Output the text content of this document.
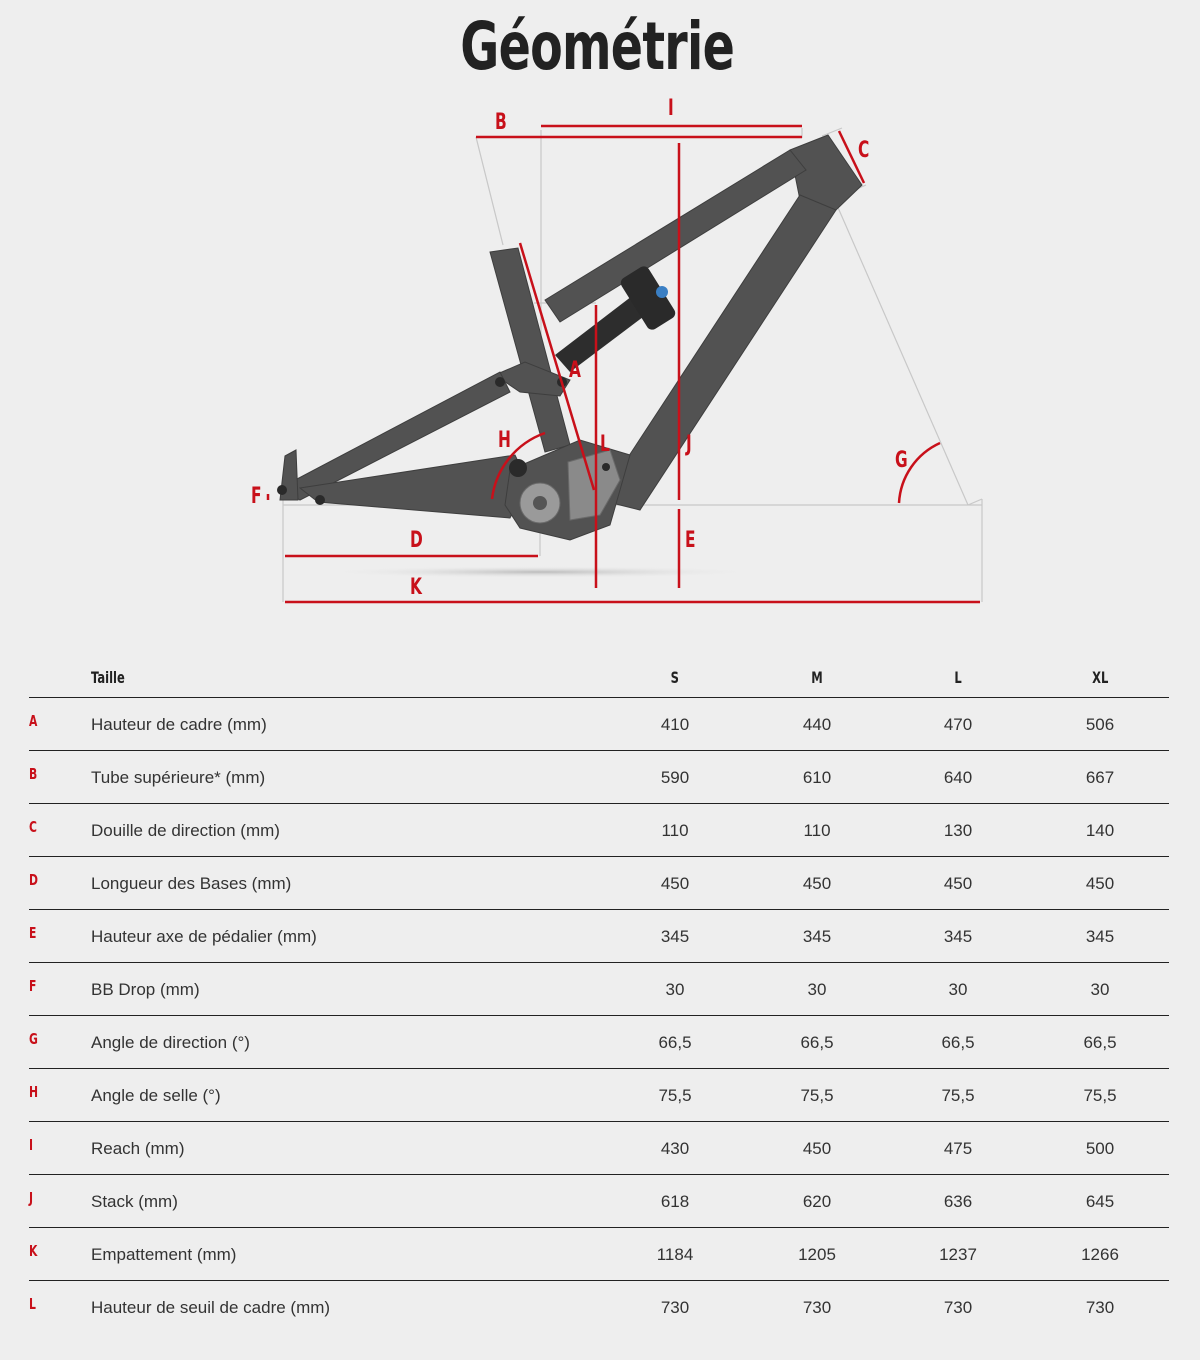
Géométrie
B
I
C
A
H	L	J
G
F
D	E
K
Taille	S	M	L	XL
A	Hauteur de cadre (mm)	410	440	470	506
B	Tube supérieure* (mm)	590	610	640	667
C	Douille de direction (mm)	110	110	130	140
D	Longueur des Bases (mm)	450	450	450	450
E	Hauteur axe de pédalier (mm)	345	345	345	345
F	BB Drop (mm)	30	30	30	30
G	Angle de direction (°)	66,5	66,5	66,5	66,5
H	Angle de selle (°)	75,5	75,5	75,5	75,5
I	Reach (mm)	430	450	475	500
J	Stack (mm)	618	620	636	645
K	Empattement (mm)	1184	1205	1237	1266
L	Hauteur de seuil de cadre (mm)	730	730	730	730
